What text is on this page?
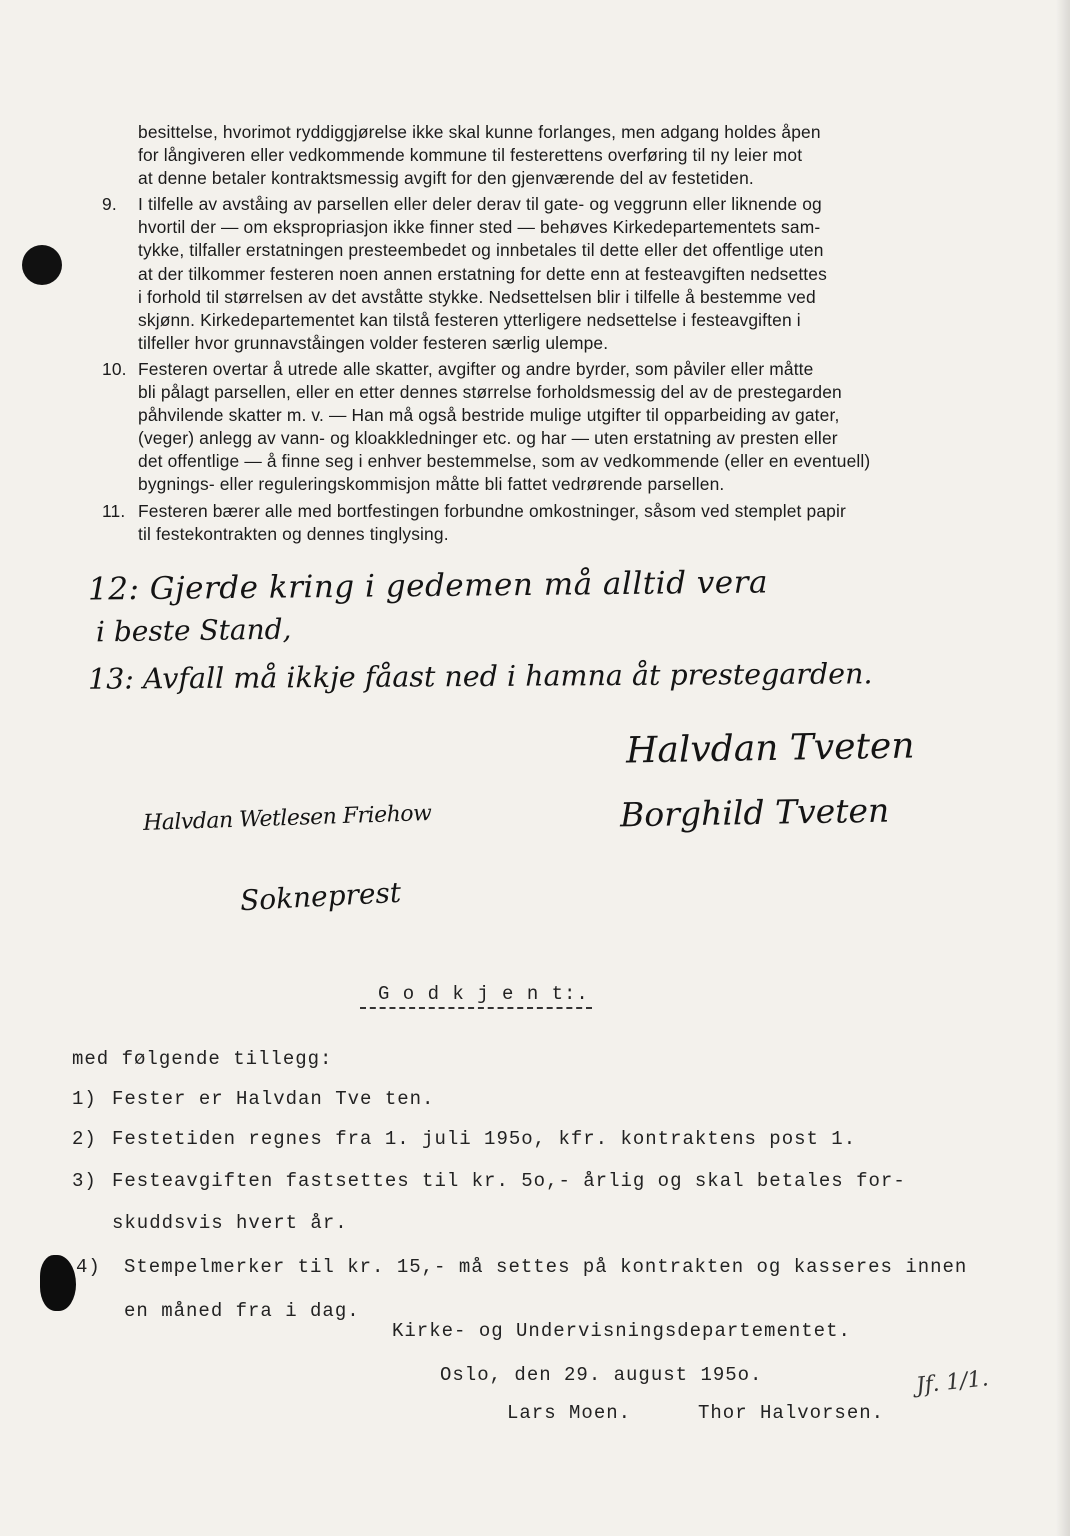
besittelse, hvorimot ryddiggjørelse ikke skal kunne forlanges, men adgang holdes åpen
for långiveren eller vedkommende kommune til festerettens overføring til ny leier mot
at denne betaler kontraktsmessig avgift for den gjenværende del av festetiden.
9. I tilfelle av avståing av parsellen eller deler derav til gate- og veggrunn eller liknende og
hvortil der — om ekspropriasjon ikke finner sted — behøves Kirkedepartementets sam-
tykke, tilfaller erstatningen presteembedet og innbetales til dette eller det offentlige uten
at der tilkommer festeren noen annen erstatning for dette enn at festeavgiften nedsettes
i forhold til størrelsen av det avståtte stykke. Nedsettelsen blir i tilfelle å bestemme ved
skjønn. Kirkedepartementet kan tilstå festeren ytterligere nedsettelse i festeavgiften i
tilfeller hvor grunnavståingen volder festeren særlig ulempe.
10. Festeren overtar å utrede alle skatter, avgifter og andre byrder, som påviler eller måtte
bli pålagt parsellen, eller en etter dennes størrelse forholdsmessig del av de prestegarden
påhvilende skatter m. v. — Han må også bestride mulige utgifter til opparbeiding av gater,
(veger) anlegg av vann- og kloakkledninger etc. og har — uten erstatning av presten eller
det offentlige — å finne seg i enhver bestemmelse, som av vedkommende (eller en eventuell)
bygnings- eller reguleringskommisjon måtte bli fattet vedrørende parsellen.
11. Festeren bærer alle med bortfestingen forbundne omkostninger, såsom ved stemplet papir
til festekontrakten og dennes tinglysing.
12: Gjerde kring i gedemen må alltid vera
i beste Stand,
13: Avfall må ikkje fåast ned i hamna åt prestegarden.
Halvdan Tveten
Borghild Tveten
Halvdan Wetlesen Friehow
Sokneprest
G o d k j e n t:.
med følgende tillegg:
1) Fester er Halvdan Tve ten.
2) Festetiden regnes fra 1. juli 195o, kfr. kontraktens post 1.
3) Festeavgiften fastsettes til kr. 5o,- årlig og skal betales for-
skuddsvis hvert år.
4) Stempelmerker til kr. 15,- må settes på kontrakten og kasseres innen
en måned fra i dag.
Kirke- og Undervisningsdepartementet.
Oslo, den 29. august 195o.
Lars Moen.	Thor Halvorsen.
Jf. 1/1.
